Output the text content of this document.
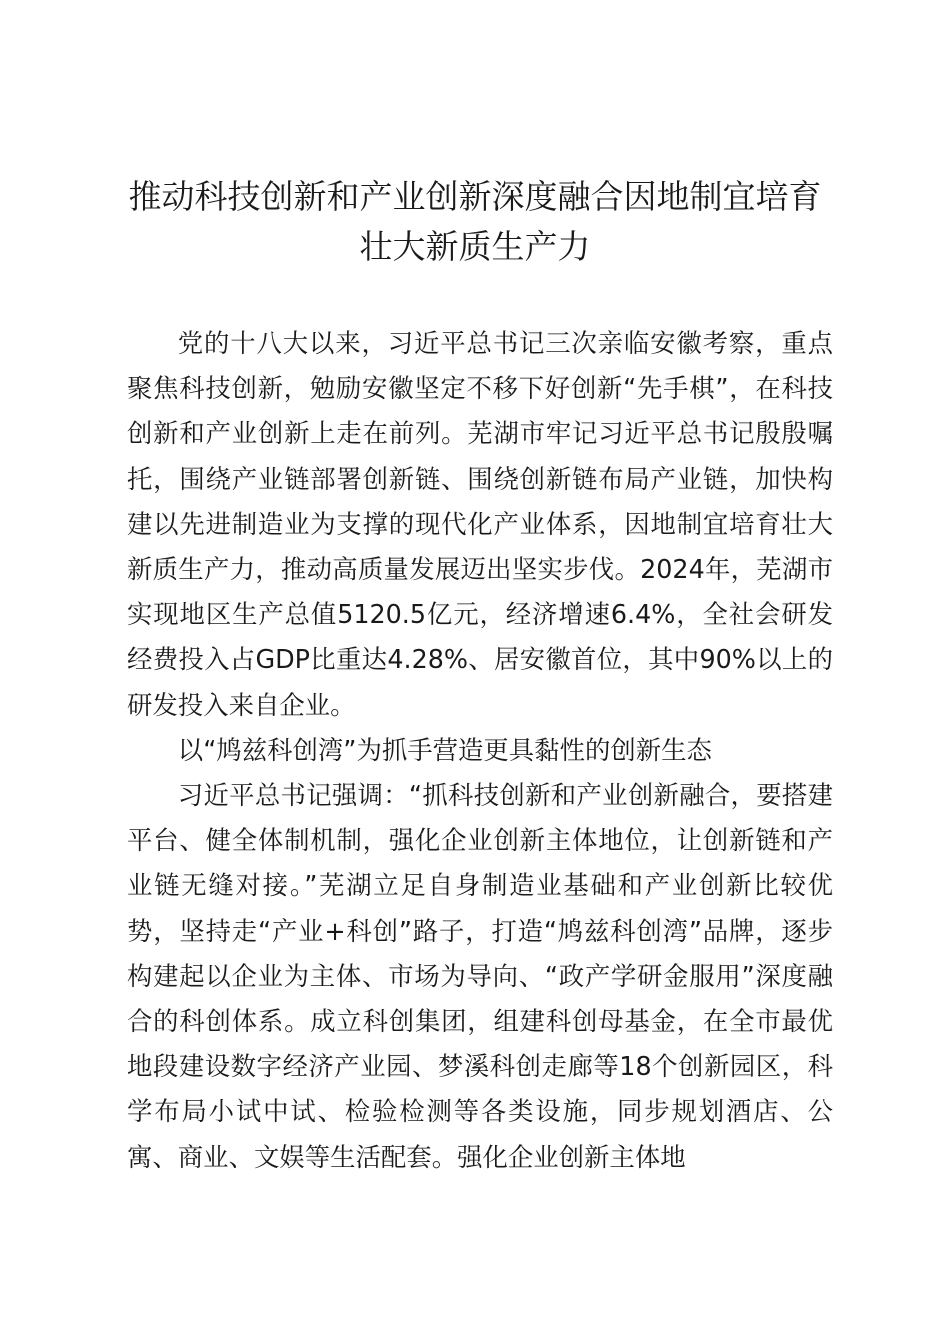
推动科技创新和产业创新深度融合因地制宜培育壮大新质生产力

党的十八大以来，习近平总书记三次亲临安徽考察，重点聚焦科技创新，勉励安徽坚定不移下好创新“先手棋”，在科技创新和产业创新上走在前列。芜湖市牢记习近平总书记殷殷嘱托，围绕产业链部署创新链、围绕创新链布局产业链，加快构建以先进制造业为支撑的现代化产业体系，因地制宜培育壮大新质生产力，推动高质量发展迈出坚实步伐。2024年，芜湖市实现地区生产总值5120.5亿元，经济增速6.4%，全社会研发经费投入占GDP比重达4.28%、居安徽首位，其中90%以上的研发投入来自企业。

以“鸠兹科创湾”为抓手营造更具黏性的创新生态

习近平总书记强调：“抓科技创新和产业创新融合，要搭建平台、健全体制机制，强化企业创新主体地位，让创新链和产业链无缝对接。”芜湖立足自身制造业基础和产业创新比较优势，坚持走“产业+科创”路子，打造“鸠兹科创湾”品牌，逐步构建起以企业为主体、市场为导向、“政产学研金服用”深度融合的科创体系。成立科创集团，组建科创母基金，在全市最优地段建设数字经济产业园、梦溪科创走廊等18个创新园区，科学布局小试中试、检验检测等各类设施，同步规划酒店、公寓、商业、文娱等生活配套。强化企业创新主体地
